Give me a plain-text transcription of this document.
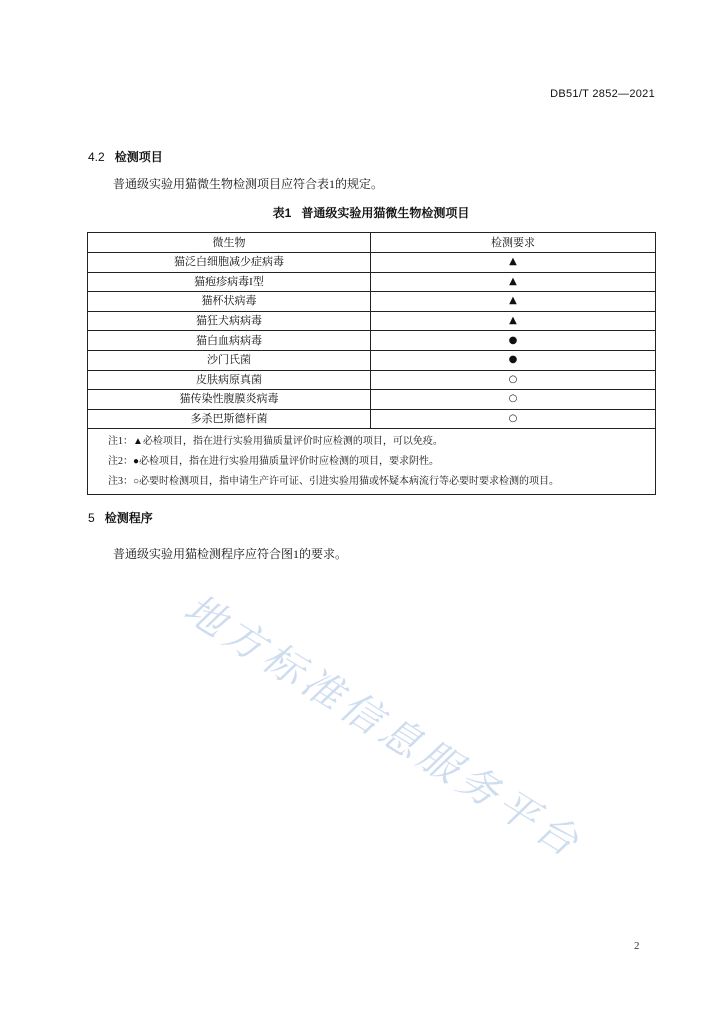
DB51/T 2852—2021
4.2 检测项目
普通级实验用猫微生物检测项目应符合表1的规定。
表1 普通级实验用猫微生物检测项目
微生物	检测要求
猫泛白细胞减少症病毒	▲
猫疱疹病毒I型	▲
猫杯状病毒	▲
猫狂犬病病毒	▲
猫白血病病毒	●
沙门氏菌	●
皮肤病原真菌	○
猫传染性腹膜炎病毒	○
多杀巴斯德杆菌	○

注1：▲必检项目，指在进行实验用猫质量评价时应检测的项目，可以免疫。
注2：●必检项目，指在进行实验用猫质量评价时应检测的项目，要求阴性。
注3：○必要时检测项目，指申请生产许可证、引进实验用猫或怀疑本病流行等必要时要求检测的项目。	
5 检测程序
普通级实验用猫检测程序应符合图1的要求。
地方标准信息服务平台
2
